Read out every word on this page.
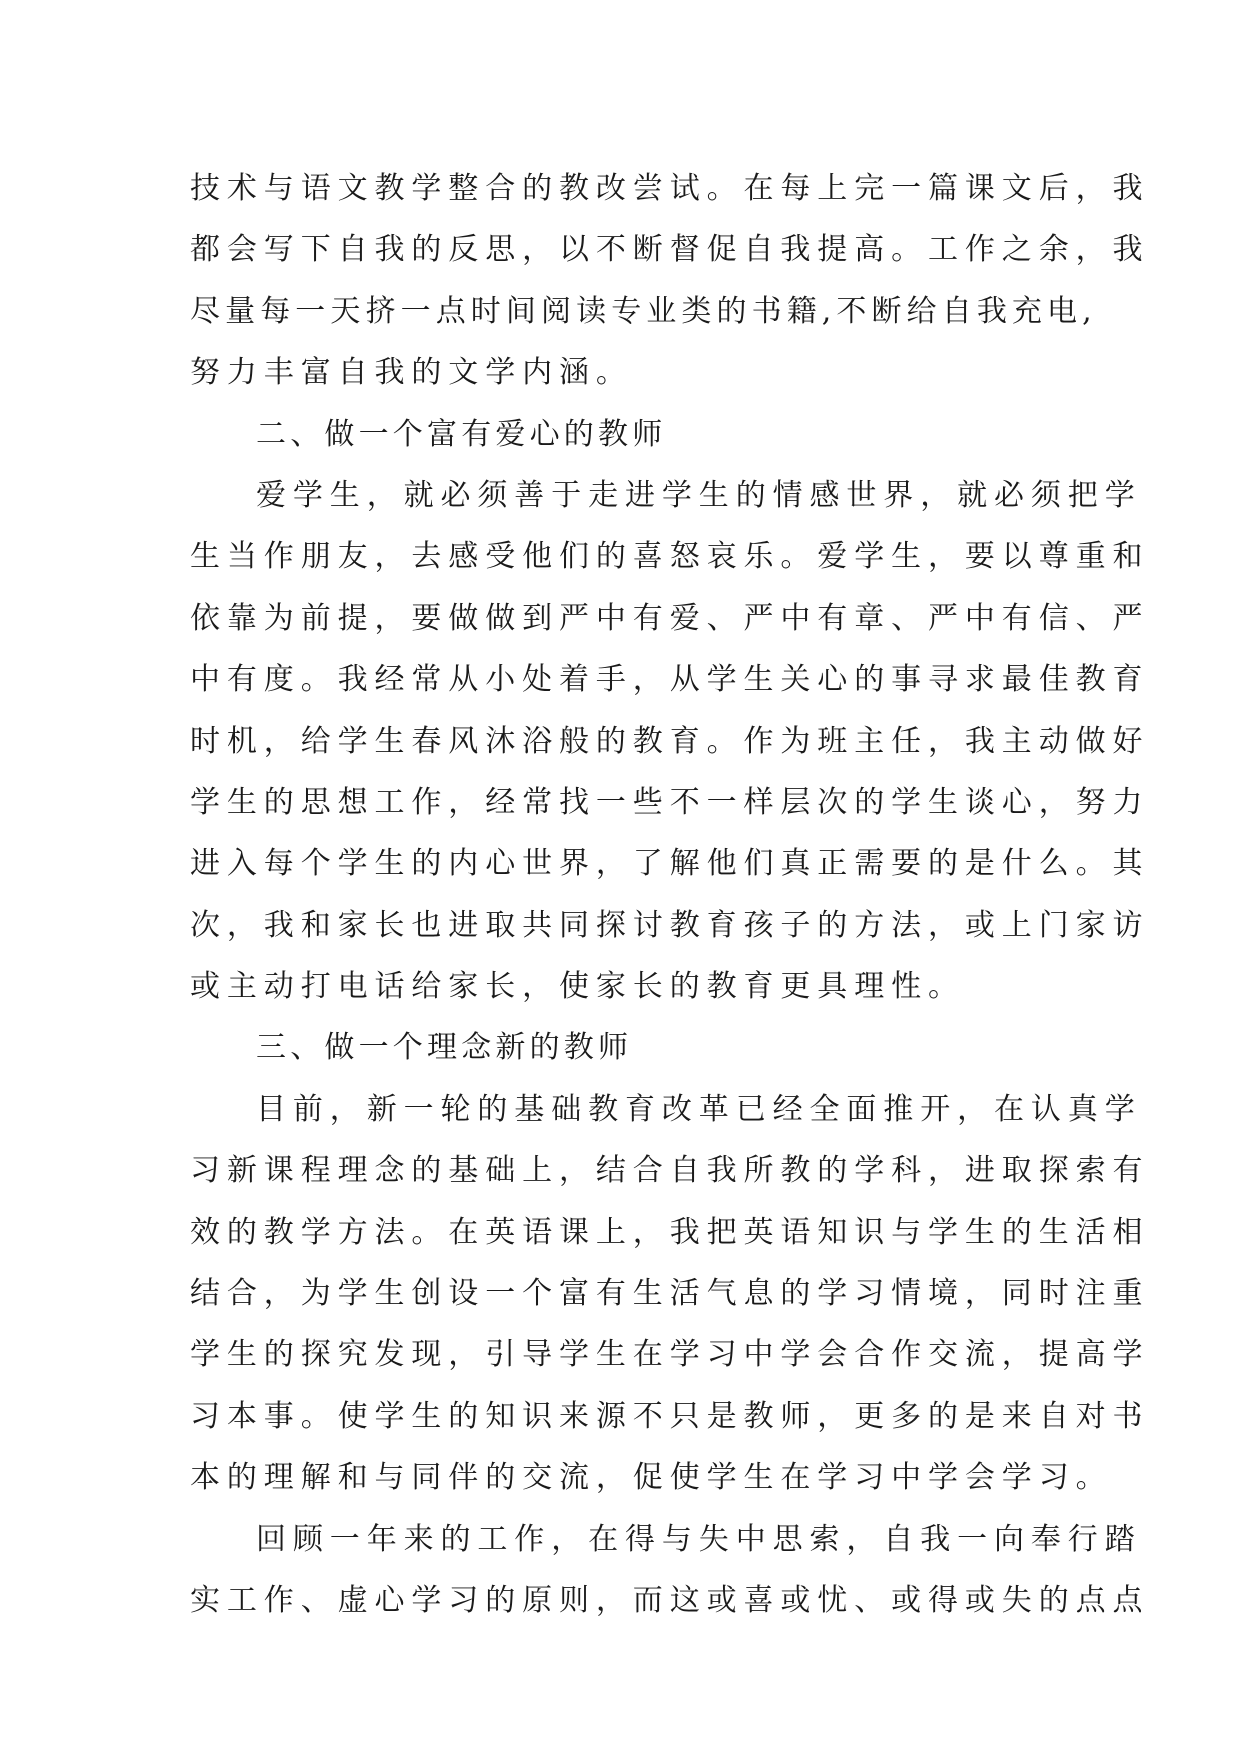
技术与语文教学整合的教改尝试。在每上完一篇课文后，我
都会写下自我的反思，以不断督促自我提高。工作之余，我
尽量每一天挤一点时间阅读专业类的书籍,不断给自我充电,
努力丰富自我的文学内涵。
二、做一个富有爱心的教师
爱学生，就必须善于走进学生的情感世界，就必须把学
生当作朋友，去感受他们的喜怒哀乐。爱学生，要以尊重和
依靠为前提，要做做到严中有爱、严中有章、严中有信、严
中有度。我经常从小处着手，从学生关心的事寻求最佳教育
时机，给学生春风沐浴般的教育。作为班主任，我主动做好
学生的思想工作，经常找一些不一样层次的学生谈心，努力
进入每个学生的内心世界，了解他们真正需要的是什么。其
次，我和家长也进取共同探讨教育孩子的方法，或上门家访
或主动打电话给家长，使家长的教育更具理性。
三、做一个理念新的教师
目前，新一轮的基础教育改革已经全面推开，在认真学
习新课程理念的基础上，结合自我所教的学科，进取探索有
效的教学方法。在英语课上，我把英语知识与学生的生活相
结合，为学生创设一个富有生活气息的学习情境，同时注重
学生的探究发现，引导学生在学习中学会合作交流，提高学
习本事。使学生的知识来源不只是教师，更多的是来自对书
本的理解和与同伴的交流，促使学生在学习中学会学习。
回顾一年来的工作，在得与失中思索，自我一向奉行踏
实工作、虚心学习的原则，而这或喜或忧、或得或失的点点
